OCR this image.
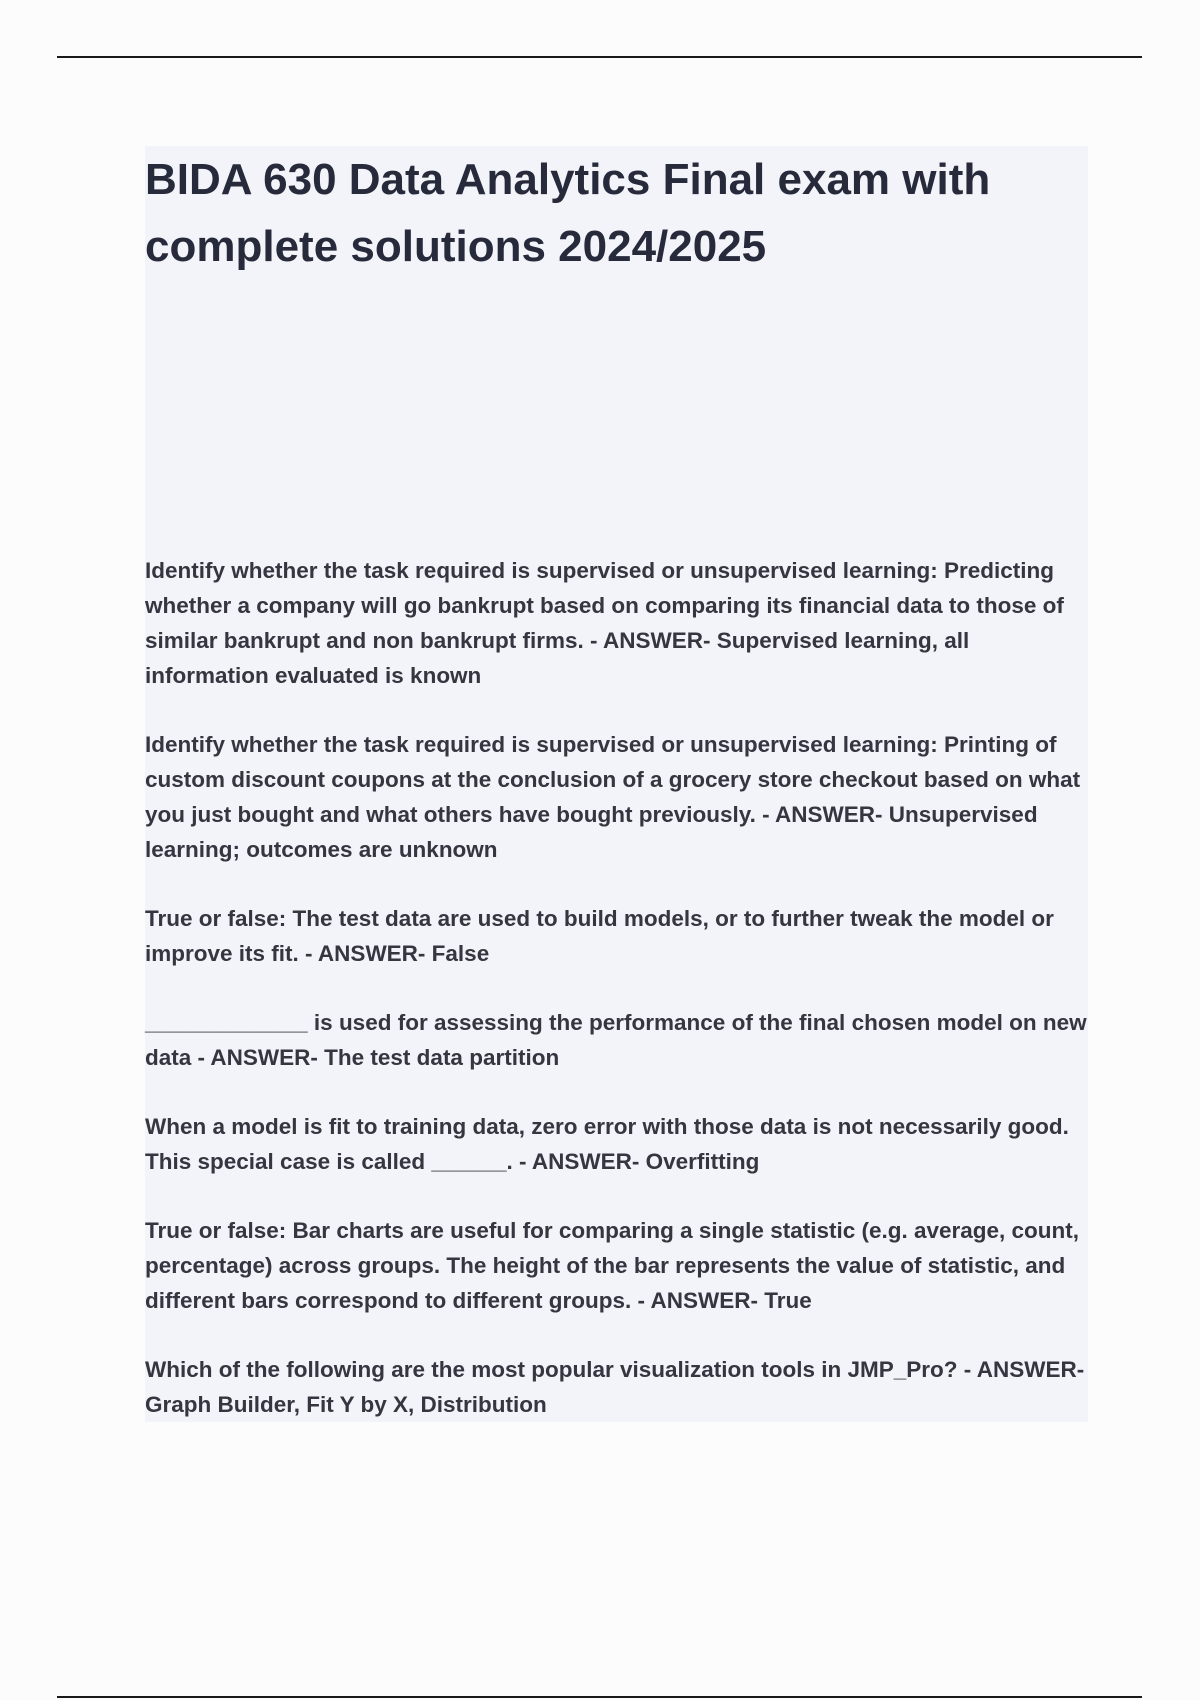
BIDA 630 Data Analytics Final exam with complete solutions 2024/2025

Identify whether the task required is supervised or unsupervised learning: Predicting whether a company will go bankrupt based on comparing its financial data to those of similar bankrupt and non bankrupt firms. - ANSWER- Supervised learning, all information evaluated is known

Identify whether the task required is supervised or unsupervised learning: Printing of custom discount coupons at the conclusion of a grocery store checkout based on what you just bought and what others have bought previously. - ANSWER- Unsupervised learning; outcomes are unknown

True or false: The test data are used to build models, or to further tweak the model or improve its fit. - ANSWER- False

_____________ is used for assessing the performance of the final chosen model on new data - ANSWER- The test data partition

When a model is fit to training data, zero error with those data is not necessarily good. This special case is called ______. - ANSWER- Overfitting

True or false: Bar charts are useful for comparing a single statistic (e.g. average, count, percentage) across groups. The height of the bar represents the value of statistic, and different bars correspond to different groups. - ANSWER- True

Which of the following are the most popular visualization tools in JMP_Pro? - ANSWER- Graph Builder, Fit Y by X, Distribution
